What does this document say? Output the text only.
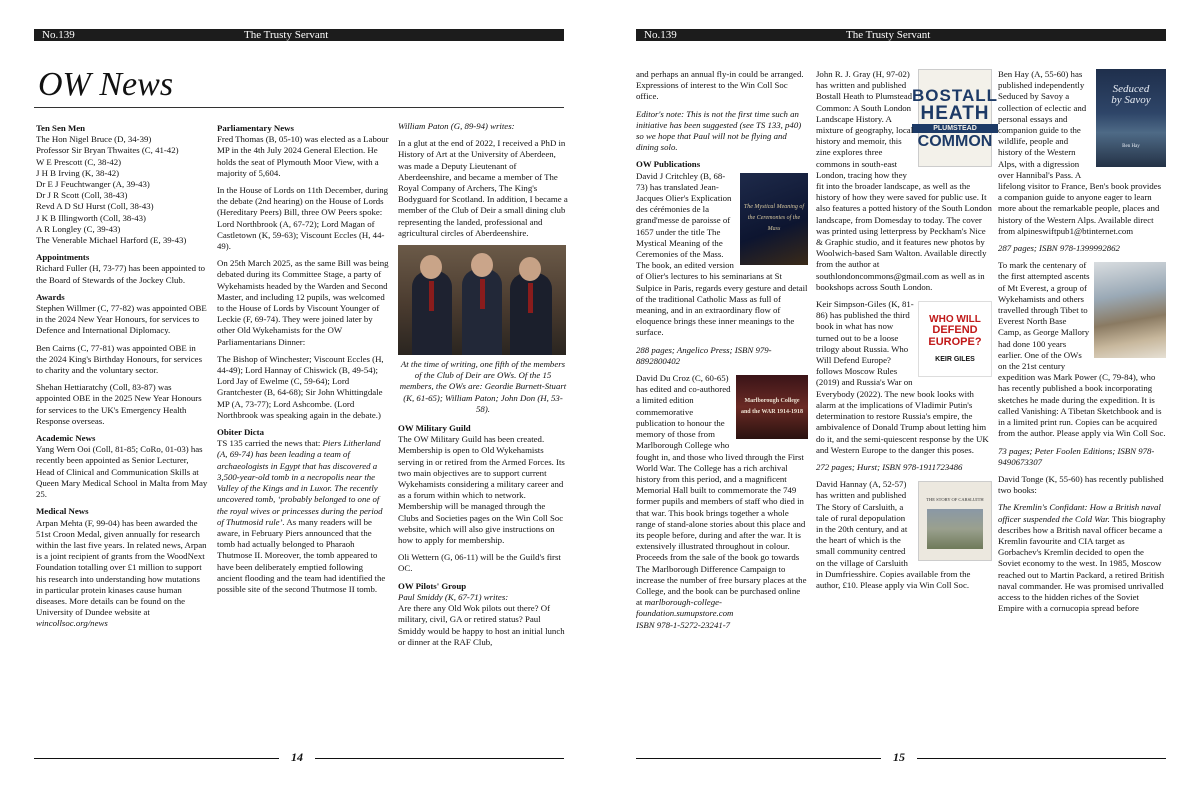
No.139	The Trusty Servant
OW News
Ten Sen Men
The Hon Nigel Bruce (D, 34-39)
Professor Sir Bryan Thwaites (C, 41-42)
W E Prescott (C, 38-42)
J H B Irving (K, 38-42)
Dr E J Feuchtwanger (A, 39-43)
Dr J R Scott (Coll, 38-43)
Revd A D StJ Hurst (Coll, 38-43)
J K B Illingworth (Coll, 38-43)
A R Longley (C, 39-43)
The Venerable Michael Harford (E, 39-43)
Appointments

Richard Fuller (H, 73-77) has been appointed to the Board of Stewards of the Jockey Club.

Awards

Stephen Willmer (C, 77-82) was appointed OBE in the 2024 New Year Honours, for services to Defence and International Diplomacy.

Ben Cairns (C, 77-81) was appointed OBE in the 2024 King's Birthday Honours, for services to charity and the voluntary sector.

Shehan Hettiaratchy (Coll, 83-87) was appointed OBE in the 2025 New Year Honours for services to the UK's Emergency Health Response overseas.

Academic News

Yang Wern Ooi (Coll, 81-85; CoRo, 01-03) has recently been appointed as Senior Lecturer, Head of Clinical and Communication Skills at Queen Mary Medical School in Malta from May 25.

Medical News

Arpan Mehta (F, 99-04) has been awarded the 51st Croon Medal, given annually for research within the last five years. In related news, Arpan is a joint recipient of grants from the WoodNext Foundation totalling over £1 million to support his research into understanding how mutations in particular protein kinases cause human diseases. More details can be found on the University of Dundee website at wincollsoc.org/news

Parliamentary News

Fred Thomas (B, 05-10) was elected as a Labour MP in the 4th July 2024 General Election. He holds the seat of Plymouth Moor View, with a majority of 5,604.

In the House of Lords on 11th December, during the debate (2nd hearing) on the House of Lords (Hereditary Peers) Bill, three OW Peers spoke: Lord Northbrook (A, 67-72); Lord Magan of Castletown (K, 59-63); Viscount Eccles (H, 44-49).

On 25th March 2025, as the same Bill was being debated during its Committee Stage, a party of Wykehamists headed by the Warden and Second Master, and including 12 pupils, was welcomed to the House of Lords by Viscount Younger of Leckie (F, 69-74). They were joined later by other Old Wykehamists for the OW Parliamentarians Dinner:

The Bishop of Winchester; Viscount Eccles (H, 44-49); Lord Hannay of Chiswick (B, 49-54); Lord Jay of Ewelme (C, 59-64); Lord Grantchester (B, 64-68); Sir John Whittingdale MP (A, 73-77); Lord Ashcombe. (Lord Northbrook was speaking again in the debate.)

Obiter Dicta

TS 135 carried the news that: Piers Litherland (A, 69-74) has been leading a team of archaeologists in Egypt that has discovered a 3,500-year-old tomb in a necropolis near the Valley of the Kings and in Luxor. The recently uncovered tomb, ‘probably belonged to one of the royal wives or princesses during the period of Thutmosid rule’. As many readers will be aware, in February Piers announced that the tomb had actually belonged to Pharaoh Thutmose II. Moreover, the tomb appeared to have been deliberately emptied following ancient flooding and the team had identified the possible site of the second Thutmose II tomb.

William Paton (G, 89-94) writes:

In a glut at the end of 2022, I received a PhD in History of Art at the University of Aberdeen, was made a Deputy Lieutenant of Aberdeenshire, and became a member of The Royal Company of Archers, The King's Bodyguard for Scotland. In addition, I became a member of the Club of Deir a small dining club representing the landed, professional and agricultural circles of Aberdeenshire.

At the time of writing, one fifth of the members of the Club of Deir are OWs. Of the 15 members, the OWs are: Geordie Burnett-Stuart (K, 61-65); William Paton; John Don (H, 53-58).

OW Military Guild

The OW Military Guild has been created. Membership is open to Old Wykehamists serving in or retired from the Armed Forces. Its two main objectives are to support current Wykehamists considering a military career and as a forum within which to network. Membership will be managed through the Clubs and Societies pages on the Win Coll Soc website, which will also give instructions on how to apply for membership.

Oli Wettern (G, 06-11) will be the Guild's first OC.

OW Pilots' Group
Paul Smiddy (K, 67-71) writes:

Are there any Old Wok pilots out there? Of military, civil, GA or retired status? Paul Smiddy would be happy to host an initial lunch or dinner at the RAF Club,

14
No.139	The Trusty Servant

and perhaps an annual fly-in could be arranged. Expressions of interest to the Win Coll Soc office.

Editor's note: This is not the first time such an initiative has been suggested (see TS 133, p40) so we hope that Paul will not be flying and dining solo.

OW Publications
The Mystical Meaning of the Ceremonies of the Mass

David J Critchley (B, 68-73) has translated Jean-Jacques Olier's Explication des cérémonies de la grand'messe de paroisse of 1657 under the title The Mystical Meaning of the Ceremonies of the Mass. The book, an edited version of Olier's lectures to his seminarians at St Sulpice in Paris, regards every gesture and detail of the traditional Catholic Mass as full of meaning, and in an extraordinary flow of eloquence brings these inner meanings to the surface.

288 pages; Angelico Press; ISBN 979-8892800402

Marlborough College and the WAR 1914-1918

David Du Croz (C, 60-65) has edited and co-authored a limited edition commemorative publication to honour the memory of those from Marlborough College who fought in, and those who lived through the First World War. The College has a rich archival history from this period, and a magnificent Memorial Hall built to commemorate the 749 former pupils and members of staff who died in that war. This book brings together a whole range of stand-alone stories about this place and its people before, during and after the war. It is extensively illustrated throughout in colour. Proceeds from the sale of the book go towards The Marlborough Difference Campaign to increase the number of free bursary places at the College, and the book can be purchased online at marlborough-college-foundation.sumupstore.com
ISBN 978-1-5272-23241-7

BOSTALL
HEATH
PLUMSTEAD
COMMON

John R. J. Gray (H, 97-02) has written and published Bostall Heath to Plumstead Common: A South London Landscape History. A mixture of geography, local history and memoir, this zine explores three commons in south-east London, tracing how they fit into the broader landscape, as well as the history of how they were saved for public use. It also features a potted history of the South London landscape, from Domesday to today. The cover was printed using letterpress by Peckham's Nice & Graphic studio, and it features new photos by Woolwich-based Sam Walton. Available directly from the author at southlondoncommons@gmail.com as well as in bookshops across South London.

WHO WILL
DEFEND
EUROPE?
KEIR GILES

Keir Simpson-Giles (K, 81-86) has published the third book in what has now turned out to be a loose trilogy about Russia. Who Will Defend Europe? follows Moscow Rules (2019) and Russia's War on Everybody (2022). The new book looks with alarm at the implications of Vladimir Putin's determination to restore Russia's empire, the ambivalence of Donald Trump about letting him do it, and the semi-quiescent response by the UK and Western Europe to the danger this poses.

272 pages; Hurst; ISBN 978-1911723486

THE STORY OF CARSLUITH

David Hannay (A, 52-57) has written and published The Story of Carsluith, a tale of rural depopulation in the 20th century, and at the heart of which is the small community centred on the village of Carsluith in Dumfriesshire. Copies available from the author, £10. Please apply via Win Coll Soc.

Seduced
by Savoy
Ben Hay

Ben Hay (A, 55-60) has published independently Seduced by Savoy a collection of eclectic and personal essays and companion guide to the wildlife, people and history of the Western Alps, with a digression over Hannibal's Pass. A lifelong visitor to France, Ben's book provides a companion guide to anyone eager to learn more about the remarkable people, places and history of the Western Alps. Available direct from alpineswiftpub1@btinternet.com

287 pages; ISBN 978-1399992862

To mark the centenary of the first attempted ascents of Mt Everest, a group of Wykehamists and others travelled through Tibet to Everest North Base Camp, as George Mallory had done 100 years earlier. One of the OWs on the 21st century expedition was Mark Power (C, 79-84), who has recently published a book incorporating sketches he made during the expedition. It is called Vanishing: A Tibetan Sketchbook and is in a limited print run. Copies can be acquired from the author. Please apply via Win Coll Soc.

73 pages; Peter Foolen Editions; ISBN 978-9490673307

David Tonge (K, 55-60) has recently published two books:

The Kremlin's Confidant: How a British naval officer suspended the Cold War. This biography describes how a British naval officer became a Kremlin favourite and CIA target as Gorbachev's Kremlin decided to open the Soviet economy to the west. In 1985, Moscow reached out to Martin Packard, a retired British naval commander. He was promised unrivalled access to the hidden riches of the Soviet Empire with a cornucopia spread before

15
